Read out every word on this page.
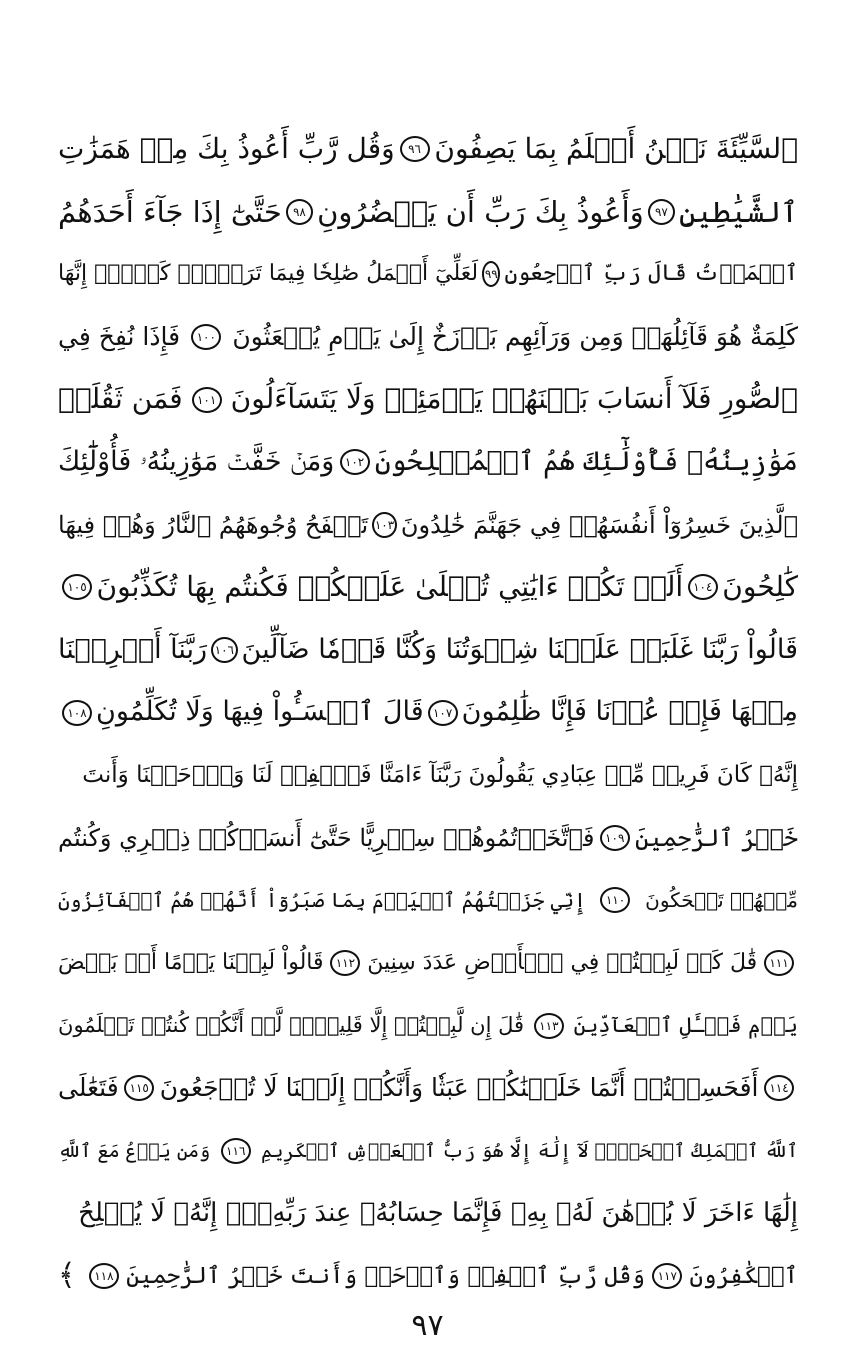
ٱلسَّيِّئَةَ نَحۡنُ أَعۡلَمُ بِمَا يَصِفُونَ
٩٦
وَقُل رَّبِّ أَعُوذُ بِكَ مِنۡ هَمَزَٰتِ
ٱلشَّيَٰطِينِ
٩٧
وَأَعُوذُ بِكَ رَبِّ أَن يَحۡضُرُونِ
٩٨
حَتَّىٰٓ إِذَا جَآءَ أَحَدَهُمُ
ٱلۡمَوۡتُ قَالَ رَبِّ ٱرۡجِعُونِ
٩٩
لَعَلِّيٓ أَعۡمَلُ صَٰلِحٗا فِيمَا تَرَكۡتُۚ كَلَّآۚ إِنَّهَا
كَلِمَةٌ هُوَ قَآئِلُهَاۖ وَمِن وَرَآئِهِم بَرۡزَخٌ إِلَىٰ يَوۡمِ يُبۡعَثُونَ
١٠٠
فَإِذَا نُفِخَ فِي
ٱلصُّورِ فَلَآ أَنسَابَ بَيۡنَهُمۡ يَوۡمَئِذٖ وَلَا يَتَسَآءَلُونَ
١٠١
فَمَن ثَقُلَتۡ
مَوَٰزِينُهُۥ فَأُوْلَٰٓئِكَ هُمُ ٱلۡمُفۡلِحُونَ
١٠٢
وَمَنۡ خَفَّتۡ مَوَٰزِينُهُۥ فَأُوْلَٰٓئِكَ
ٱلَّذِينَ خَسِرُوٓاْ أَنفُسَهُمۡ فِي جَهَنَّمَ خَٰلِدُونَ
١٠٣
تَلۡفَحُ وُجُوهَهُمُ ٱلنَّارُ وَهُمۡ فِيهَا
كَٰلِحُونَ
١٠٤
أَلَمۡ تَكُنۡ ءَايَٰتِي تُتۡلَىٰ عَلَيۡكُمۡ فَكُنتُم بِهَا تُكَذِّبُونَ
١٠٥
قَالُواْ رَبَّنَا غَلَبَتۡ عَلَيۡنَا شِقۡوَتُنَا وَكُنَّا قَوۡمٗا ضَآلِّينَ
١٠٦
رَبَّنَآ أَخۡرِجۡنَا
مِنۡهَا فَإِنۡ عُدۡنَا فَإِنَّا ظَٰلِمُونَ
١٠٧
قَالَ ٱخۡسَـُٔواْ فِيهَا وَلَا تُكَلِّمُونِ
١٠٨
إِنَّهُۥ كَانَ فَرِيقٞ مِّنۡ عِبَادِي يَقُولُونَ رَبَّنَآ ءَامَنَّا فَٱغۡفِرۡ لَنَا وَٱرۡحَمۡنَا وَأَنتَ
خَيۡرُ ٱلرَّٰحِمِينَ
١٠٩
فَٱتَّخَذۡتُمُوهُمۡ سِخۡرِيًّا حَتَّىٰٓ أَنسَوۡكُمۡ ذِكۡرِي وَكُنتُم
مِّنۡهُمۡ تَضۡحَكُونَ
١١٠
إِنِّي جَزَيۡتُهُمُ ٱلۡيَوۡمَ بِمَا صَبَرُوٓاْ أَنَّهُمۡ هُمُ ٱلۡفَآئِزُونَ
١١١
قَٰلَ كَمۡ لَبِثۡتُمۡ فِي ٱلۡأَرۡضِ عَدَدَ سِنِينَ
١١٢
قَالُواْ لَبِثۡنَا يَوۡمًا أَوۡ بَعۡضَ
يَوۡمٖ فَسۡـَٔلِ ٱلۡعَآدِّينَ
١١٣
قَٰلَ إِن لَّبِثۡتُمۡ إِلَّا قَلِيلٗاۖ لَّوۡ أَنَّكُمۡ كُنتُمۡ تَعۡلَمُونَ
١١٤
أَفَحَسِبۡتُمۡ أَنَّمَا خَلَقۡنَٰكُمۡ عَبَثٗا وَأَنَّكُمۡ إِلَيۡنَا لَا تُرۡجَعُونَ
١١٥
فَتَعَٰلَى
ٱللَّهُ ٱلۡمَلِكُ ٱلۡحَقُّۖ لَآ إِلَٰهَ إِلَّا هُوَ رَبُّ ٱلۡعَرۡشِ ٱلۡكَرِيمِ
١١٦
وَمَن يَدۡعُ مَعَ ٱللَّهِ
إِلَٰهًا ءَاخَرَ لَا بُرۡهَٰنَ لَهُۥ بِهِۦ فَإِنَّمَا حِسَابُهُۥ عِندَ رَبِّهِۦٓۚ إِنَّهُۥ لَا يُفۡلِحُ
ٱلۡكَٰفِرُونَ
١١٧
وَقُل رَّبِّ ٱغۡفِرۡ وَٱرۡحَمۡ وَأَنتَ خَيۡرُ ٱلرَّٰحِمِينَ
١١٨
﴾
٩٧
